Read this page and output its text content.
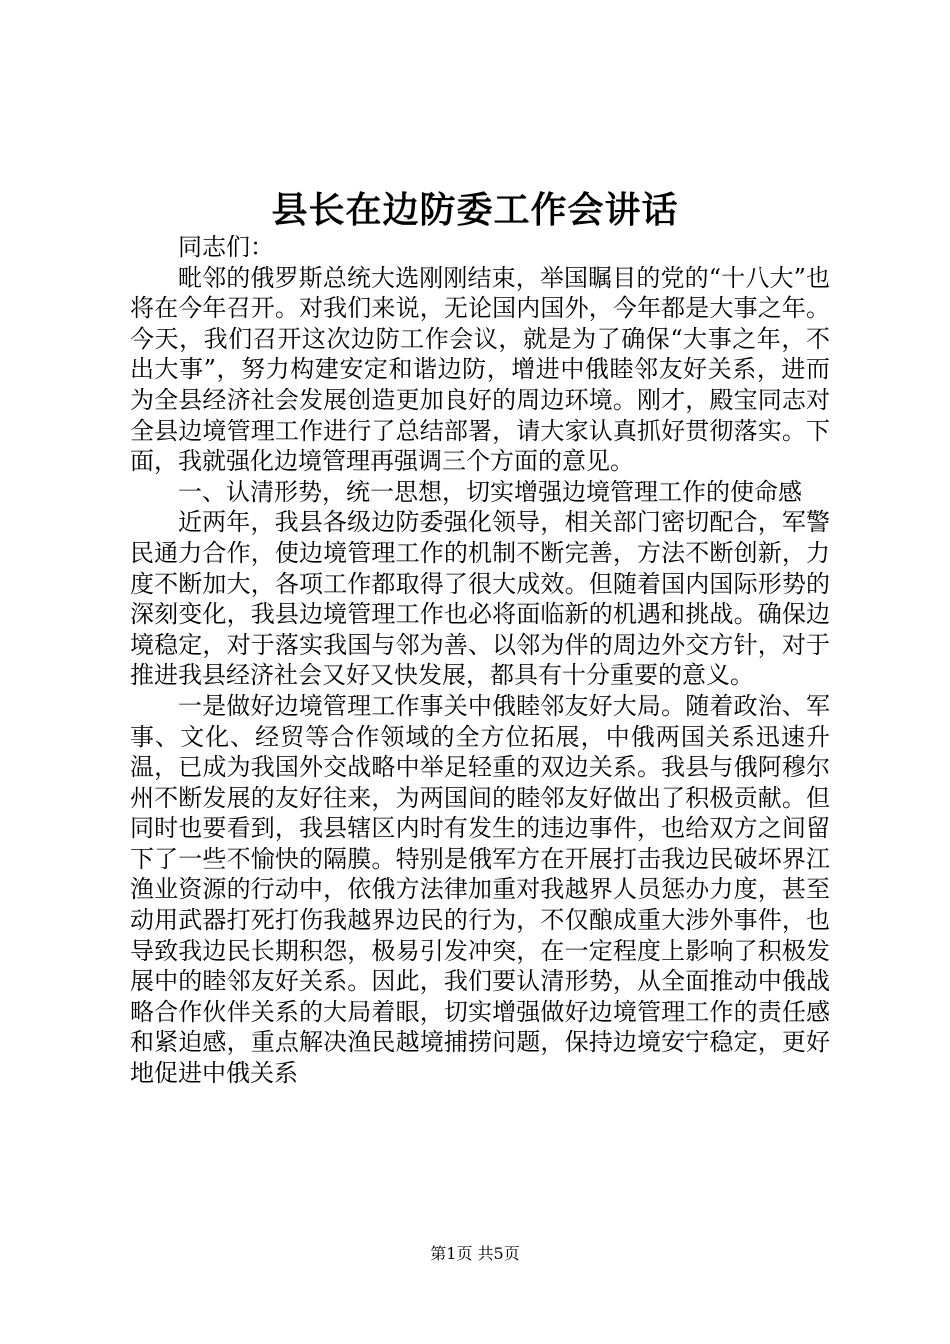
县长在边防委工作会讲话

同志们：

毗邻的俄罗斯总统大选刚刚结束，举国瞩目的党的“十八大”也将在今年召开。对我们来说，无论国内国外，今年都是大事之年。今天，我们召开这次边防工作会议，就是为了确保“大事之年，不出大事”，努力构建安定和谐边防，增进中俄睦邻友好关系，进而为全县经济社会发展创造更加良好的周边环境。刚才，殿宝同志对全县边境管理工作进行了总结部署，请大家认真抓好贯彻落实。下面，我就强化边境管理再强调三个方面的意见。

一、认清形势，统一思想，切实增强边境管理工作的使命感

近两年，我县各级边防委强化领导，相关部门密切配合，军警民通力合作，使边境管理工作的机制不断完善，方法不断创新，力度不断加大，各项工作都取得了很大成效。但随着国内国际形势的深刻变化，我县边境管理工作也必将面临新的机遇和挑战。确保边境稳定，对于落实我国与邻为善、以邻为伴的周边外交方针，对于推进我县经济社会又好又快发展，都具有十分重要的意义。

一是做好边境管理工作事关中俄睦邻友好大局。随着政治、军事、文化、经贸等合作领域的全方位拓展，中俄两国关系迅速升温，已成为我国外交战略中举足轻重的双边关系。我县与俄阿穆尔州不断发展的友好往来，为两国间的睦邻友好做出了积极贡献。但同时也要看到，我县辖区内时有发生的违边事件，也给双方之间留下了一些不愉快的隔膜。特别是俄军方在开展打击我边民破坏界江渔业资源的行动中，依俄方法律加重对我越界人员惩办力度，甚至动用武器打死打伤我越界边民的行为，不仅酿成重大涉外事件，也导致我边民长期积怨，极易引发冲突，在一定程度上影响了积极发展中的睦邻友好关系。因此，我们要认清形势，从全面推动中俄战略合作伙伴关系的大局着眼，切实增强做好边境管理工作的责任感和紧迫感，重点解决渔民越境捕捞问题，保持边境安宁稳定，更好地促进中俄关系

第1页 共5页
